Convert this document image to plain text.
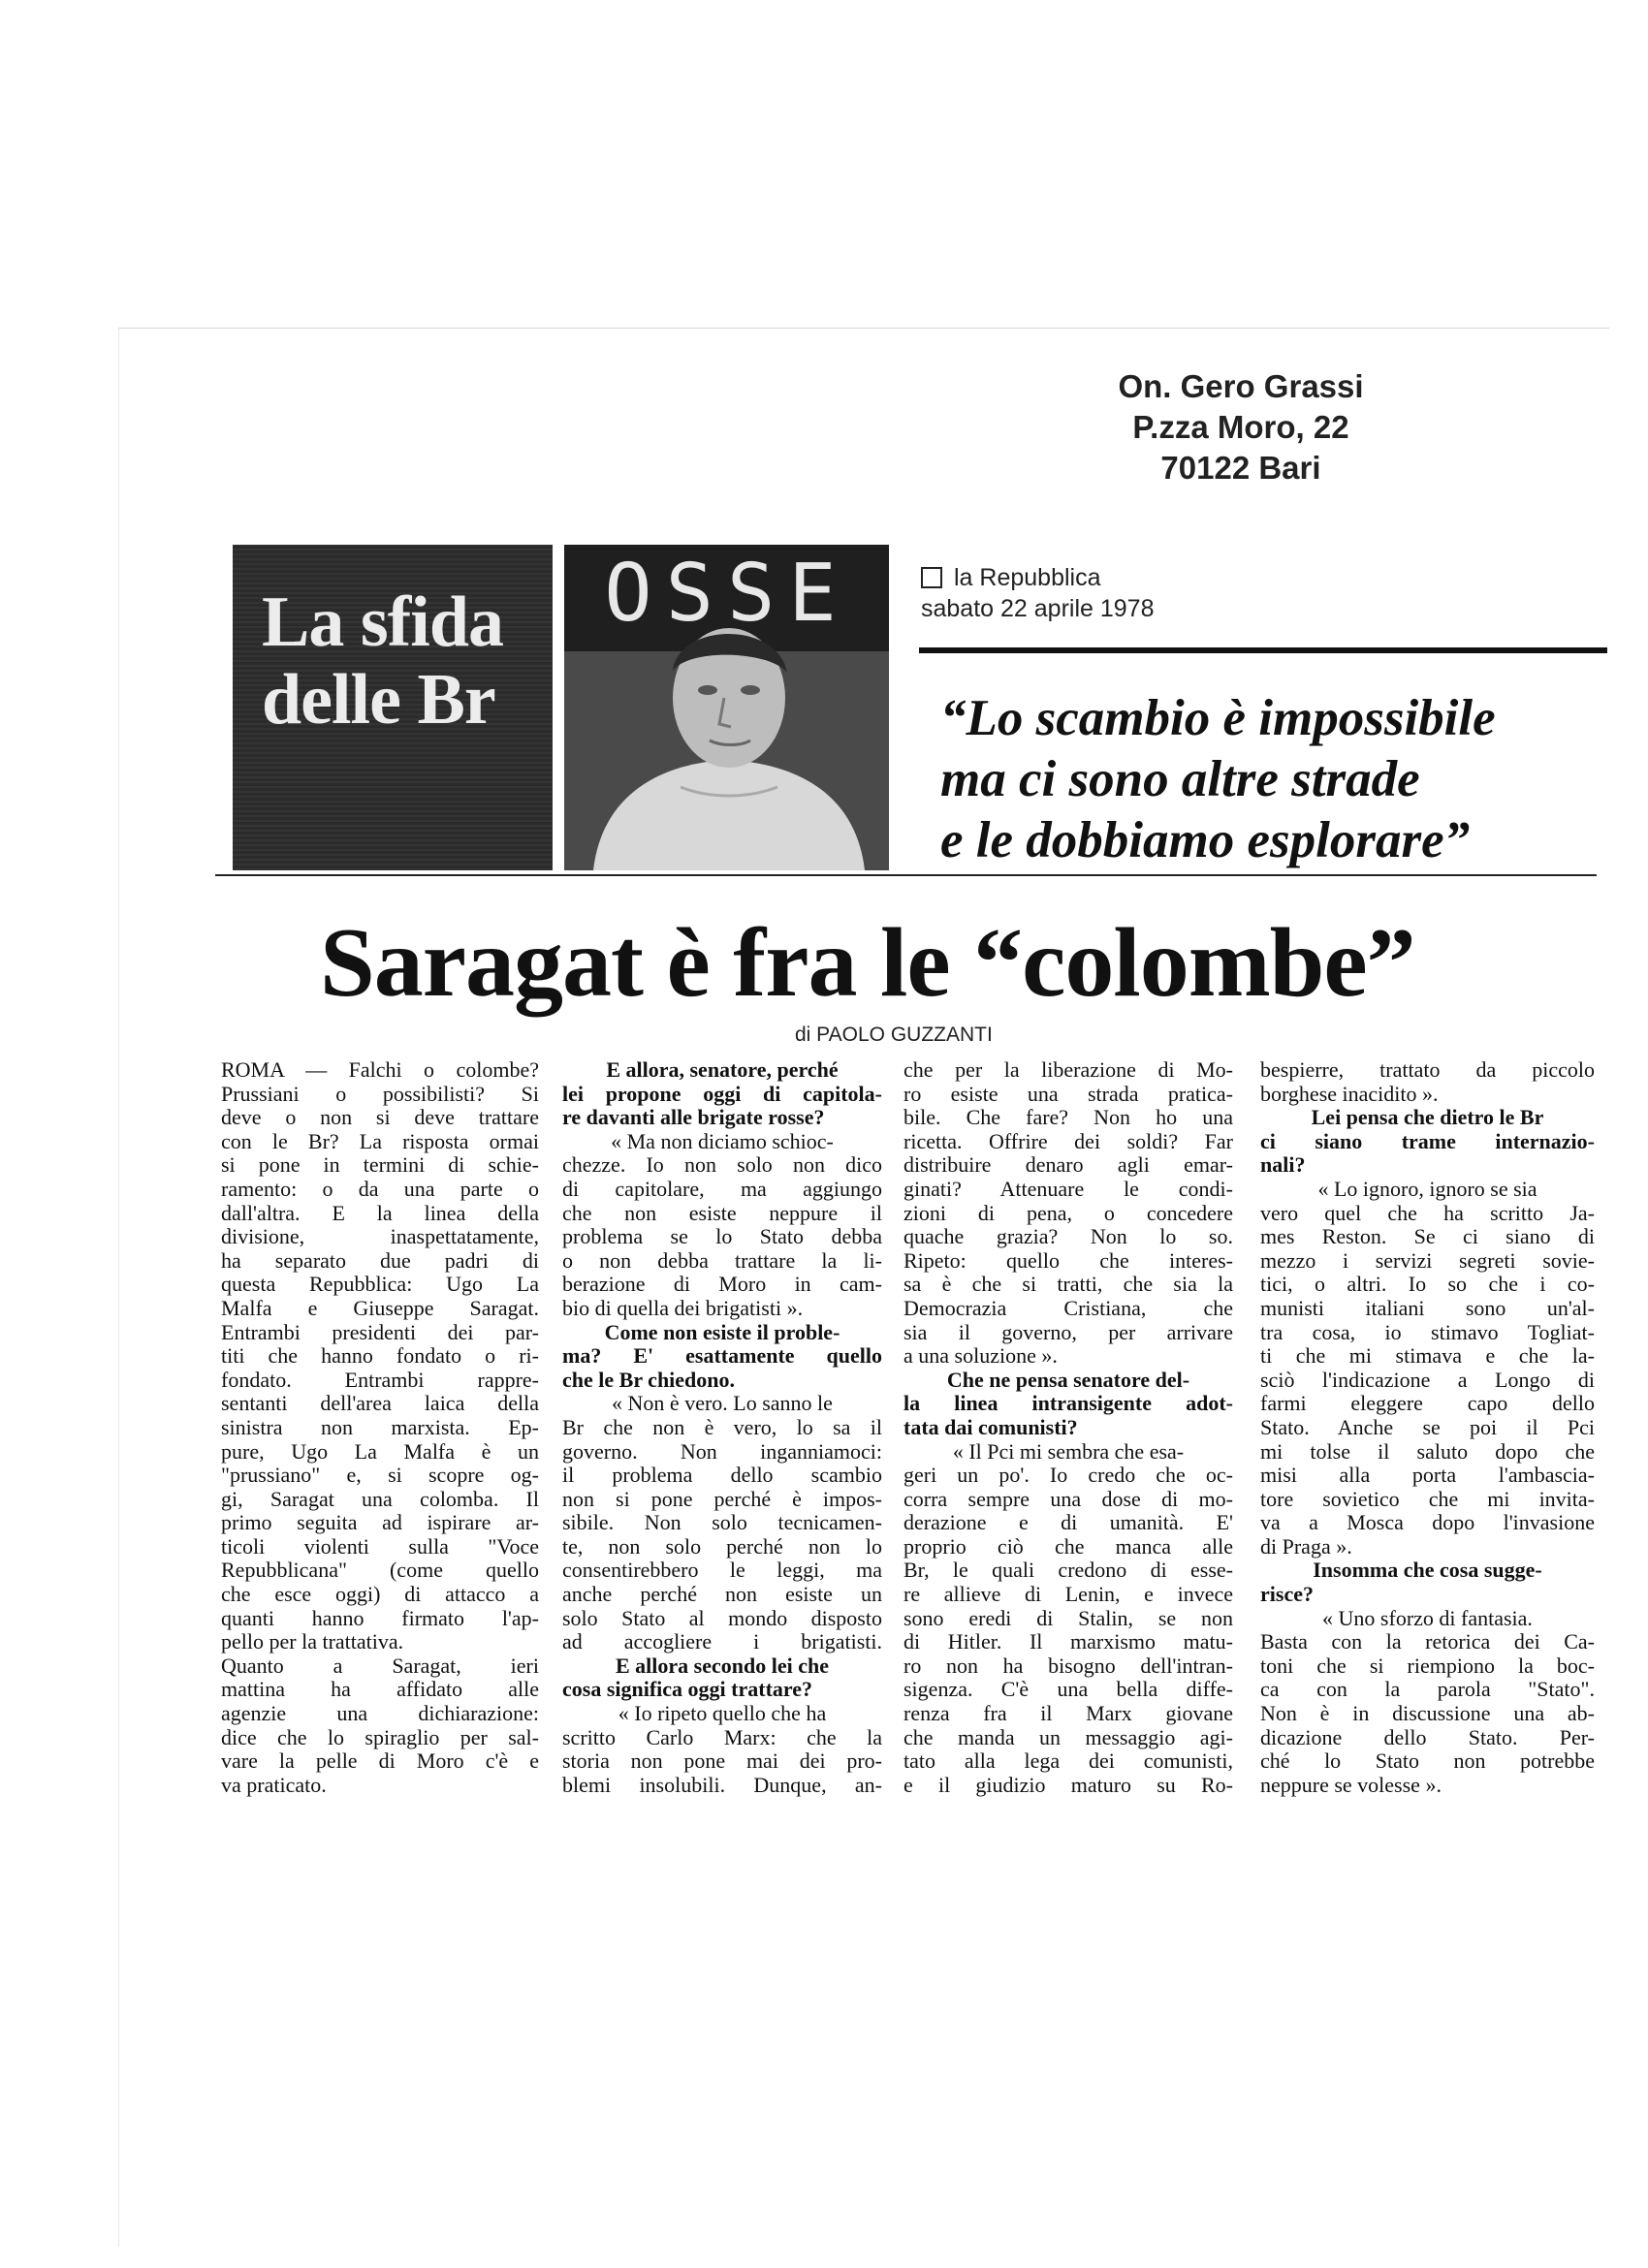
On. Gero Grassi
P.zza Moro, 22
70122 Bari
La sfida
delle Br
OSSE	la Repubblica
sabato 22 aprile 1978
“Lo scambio è impossibile
ma ci sono altre strade
e le dobbiamo esplorare”
Saragat è fra le “colombe”
di PAOLO GUZZANTI
ROMA — Falchi o colombe?
Prussiani o possibilisti? Si
deve o non si deve trattare
con le Br? La risposta ormai
si pone in termini di schie-
ramento: o da una parte o
dall'altra. E la linea della
divisione, inaspettatamente,
ha separato due padri di
questa Repubblica: Ugo La
Malfa e Giuseppe Saragat.
Entrambi presidenti dei par-
titi che hanno fondato o ri-
fondato. Entrambi rappre-
sentanti dell'area laica della
sinistra non marxista. Ep-
pure, Ugo La Malfa è un
"prussiano" e, si scopre og-
gi, Saragat una colomba. Il
primo seguita ad ispirare ar-
ticoli violenti sulla "Voce
Repubblicana" (come quello
che esce oggi) di attacco a
quanti hanno firmato l'ap-
pello per la trattativa.
Quanto a Saragat, ieri
mattina ha affidato alle
agenzie una dichiarazione:
dice che lo spiraglio per sal-
vare la pelle di Moro c'è e
va praticato.
E allora, senatore, perché
lei propone oggi di capitola-
re davanti alle brigate rosse?
« Ma non diciamo schioc-
chezze. Io non solo non dico
di capitolare, ma aggiungo
che non esiste neppure il
problema se lo Stato debba
o non debba trattare la li-
berazione di Moro in cam-
bio di quella dei brigatisti ».
Come non esiste il proble-
ma? E' esattamente quello
che le Br chiedono.
« Non è vero. Lo sanno le
Br che non è vero, lo sa il
governo. Non inganniamoci:
il problema dello scambio
non si pone perché è impos-
sibile. Non solo tecnicamen-
te, non solo perché non lo
consentirebbero le leggi, ma
anche perché non esiste un
solo Stato al mondo disposto
ad accogliere i brigatisti.
E allora secondo lei che
cosa significa oggi trattare?
« Io ripeto quello che ha
scritto Carlo Marx: che la
storia non pone mai dei pro-
blemi insolubili. Dunque, an-
che per la liberazione di Mo-
ro esiste una strada pratica-
bile. Che fare? Non ho una
ricetta. Offrire dei soldi? Far
distribuire denaro agli emar-
ginati? Attenuare le condi-
zioni di pena, o concedere
quache grazia? Non lo so.
Ripeto: quello che interes-
sa è che si tratti, che sia la
Democrazia Cristiana, che
sia il governo, per arrivare
a una soluzione ».
Che ne pensa senatore del-
la linea intransigente adot-
tata dai comunisti?
« Il Pci mi sembra che esa-
geri un po'. Io credo che oc-
corra sempre una dose di mo-
derazione e di umanità. E'
proprio ciò che manca alle
Br, le quali credono di esse-
re allieve di Lenin, e invece
sono eredi di Stalin, se non
di Hitler. Il marxismo matu-
ro non ha bisogno dell'intran-
sigenza. C'è una bella diffe-
renza fra il Marx giovane
che manda un messaggio agi-
tato alla lega dei comunisti,
e il giudizio maturo su Ro-
bespierre, trattato da piccolo
borghese inacidito ».
Lei pensa che dietro le Br
ci siano trame internazio-
nali?
« Lo ignoro, ignoro se sia
vero quel che ha scritto Ja-
mes Reston. Se ci siano di
mezzo i servizi segreti sovie-
tici, o altri. Io so che i co-
munisti italiani sono un'al-
tra cosa, io stimavo Togliat-
ti che mi stimava e che la-
sciò l'indicazione a Longo di
farmi eleggere capo dello
Stato. Anche se poi il Pci
mi tolse il saluto dopo che
misi alla porta l'ambascia-
tore sovietico che mi invita-
va a Mosca dopo l'invasione
di Praga ».
Insomma che cosa sugge-
risce?
« Uno sforzo di fantasia.
Basta con la retorica dei Ca-
toni che si riempiono la boc-
ca con la parola "Stato".
Non è in discussione una ab-
dicazione dello Stato. Per-
ché lo Stato non potrebbe
neppure se volesse ».
